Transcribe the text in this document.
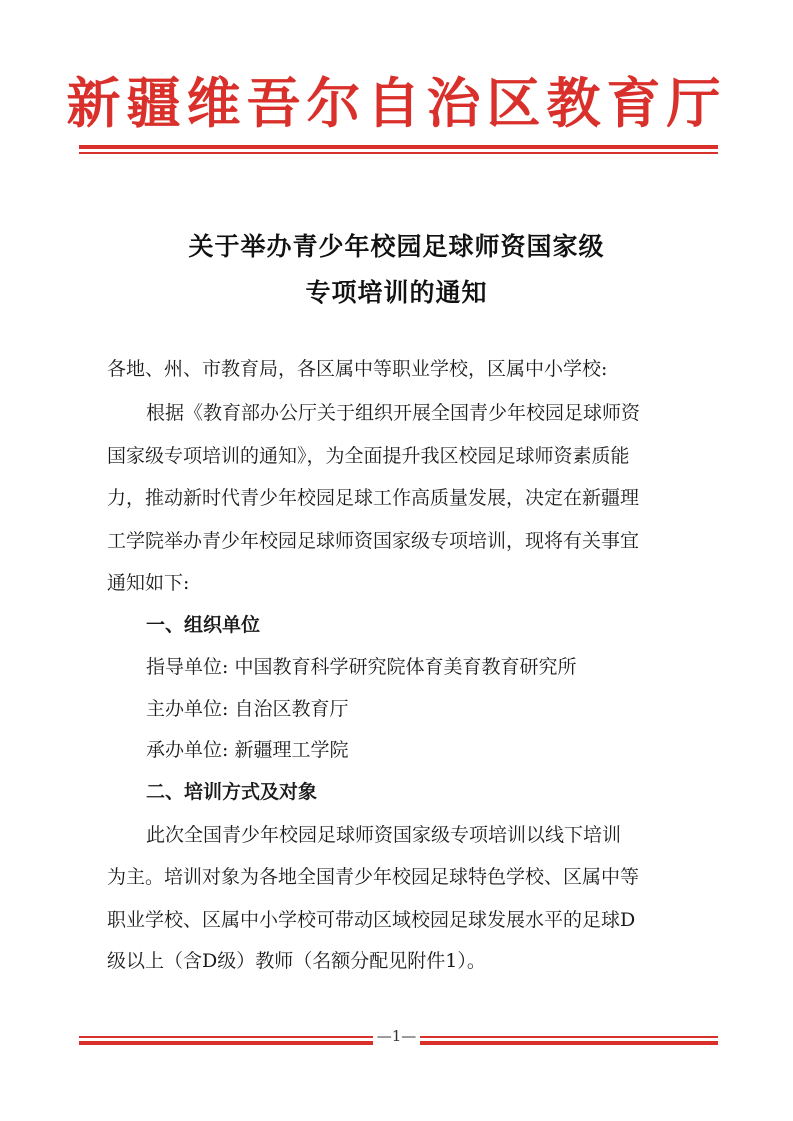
新疆维吾尔自治区教育厅
关于举办青少年校园足球师资国家级
专项培训的通知
各地、州、市教育局，各区属中等职业学校，区属中小学校:
根据《教育部办公厅关于组织开展全国青少年校园足球师资
国家级专项培训的通知》，为全面提升我区校园足球师资素质能
力，推动新时代青少年校园足球工作高质量发展，决定在新疆理
工学院举办青少年校园足球师资国家级专项培训，现将有关事宜
通知如下:
一、组织单位
指导单位: 中国教育科学研究院体育美育教育研究所
主办单位: 自治区教育厅
承办单位: 新疆理工学院
二、培训方式及对象
此次全国青少年校园足球师资国家级专项培训以线下培训
为主。培训对象为各地全国青少年校园足球特色学校、区属中等
职业学校、区属中小学校可带动区域校园足球发展水平的足球D
级以上（含D级）教师（名额分配见附件1）。
—1—
